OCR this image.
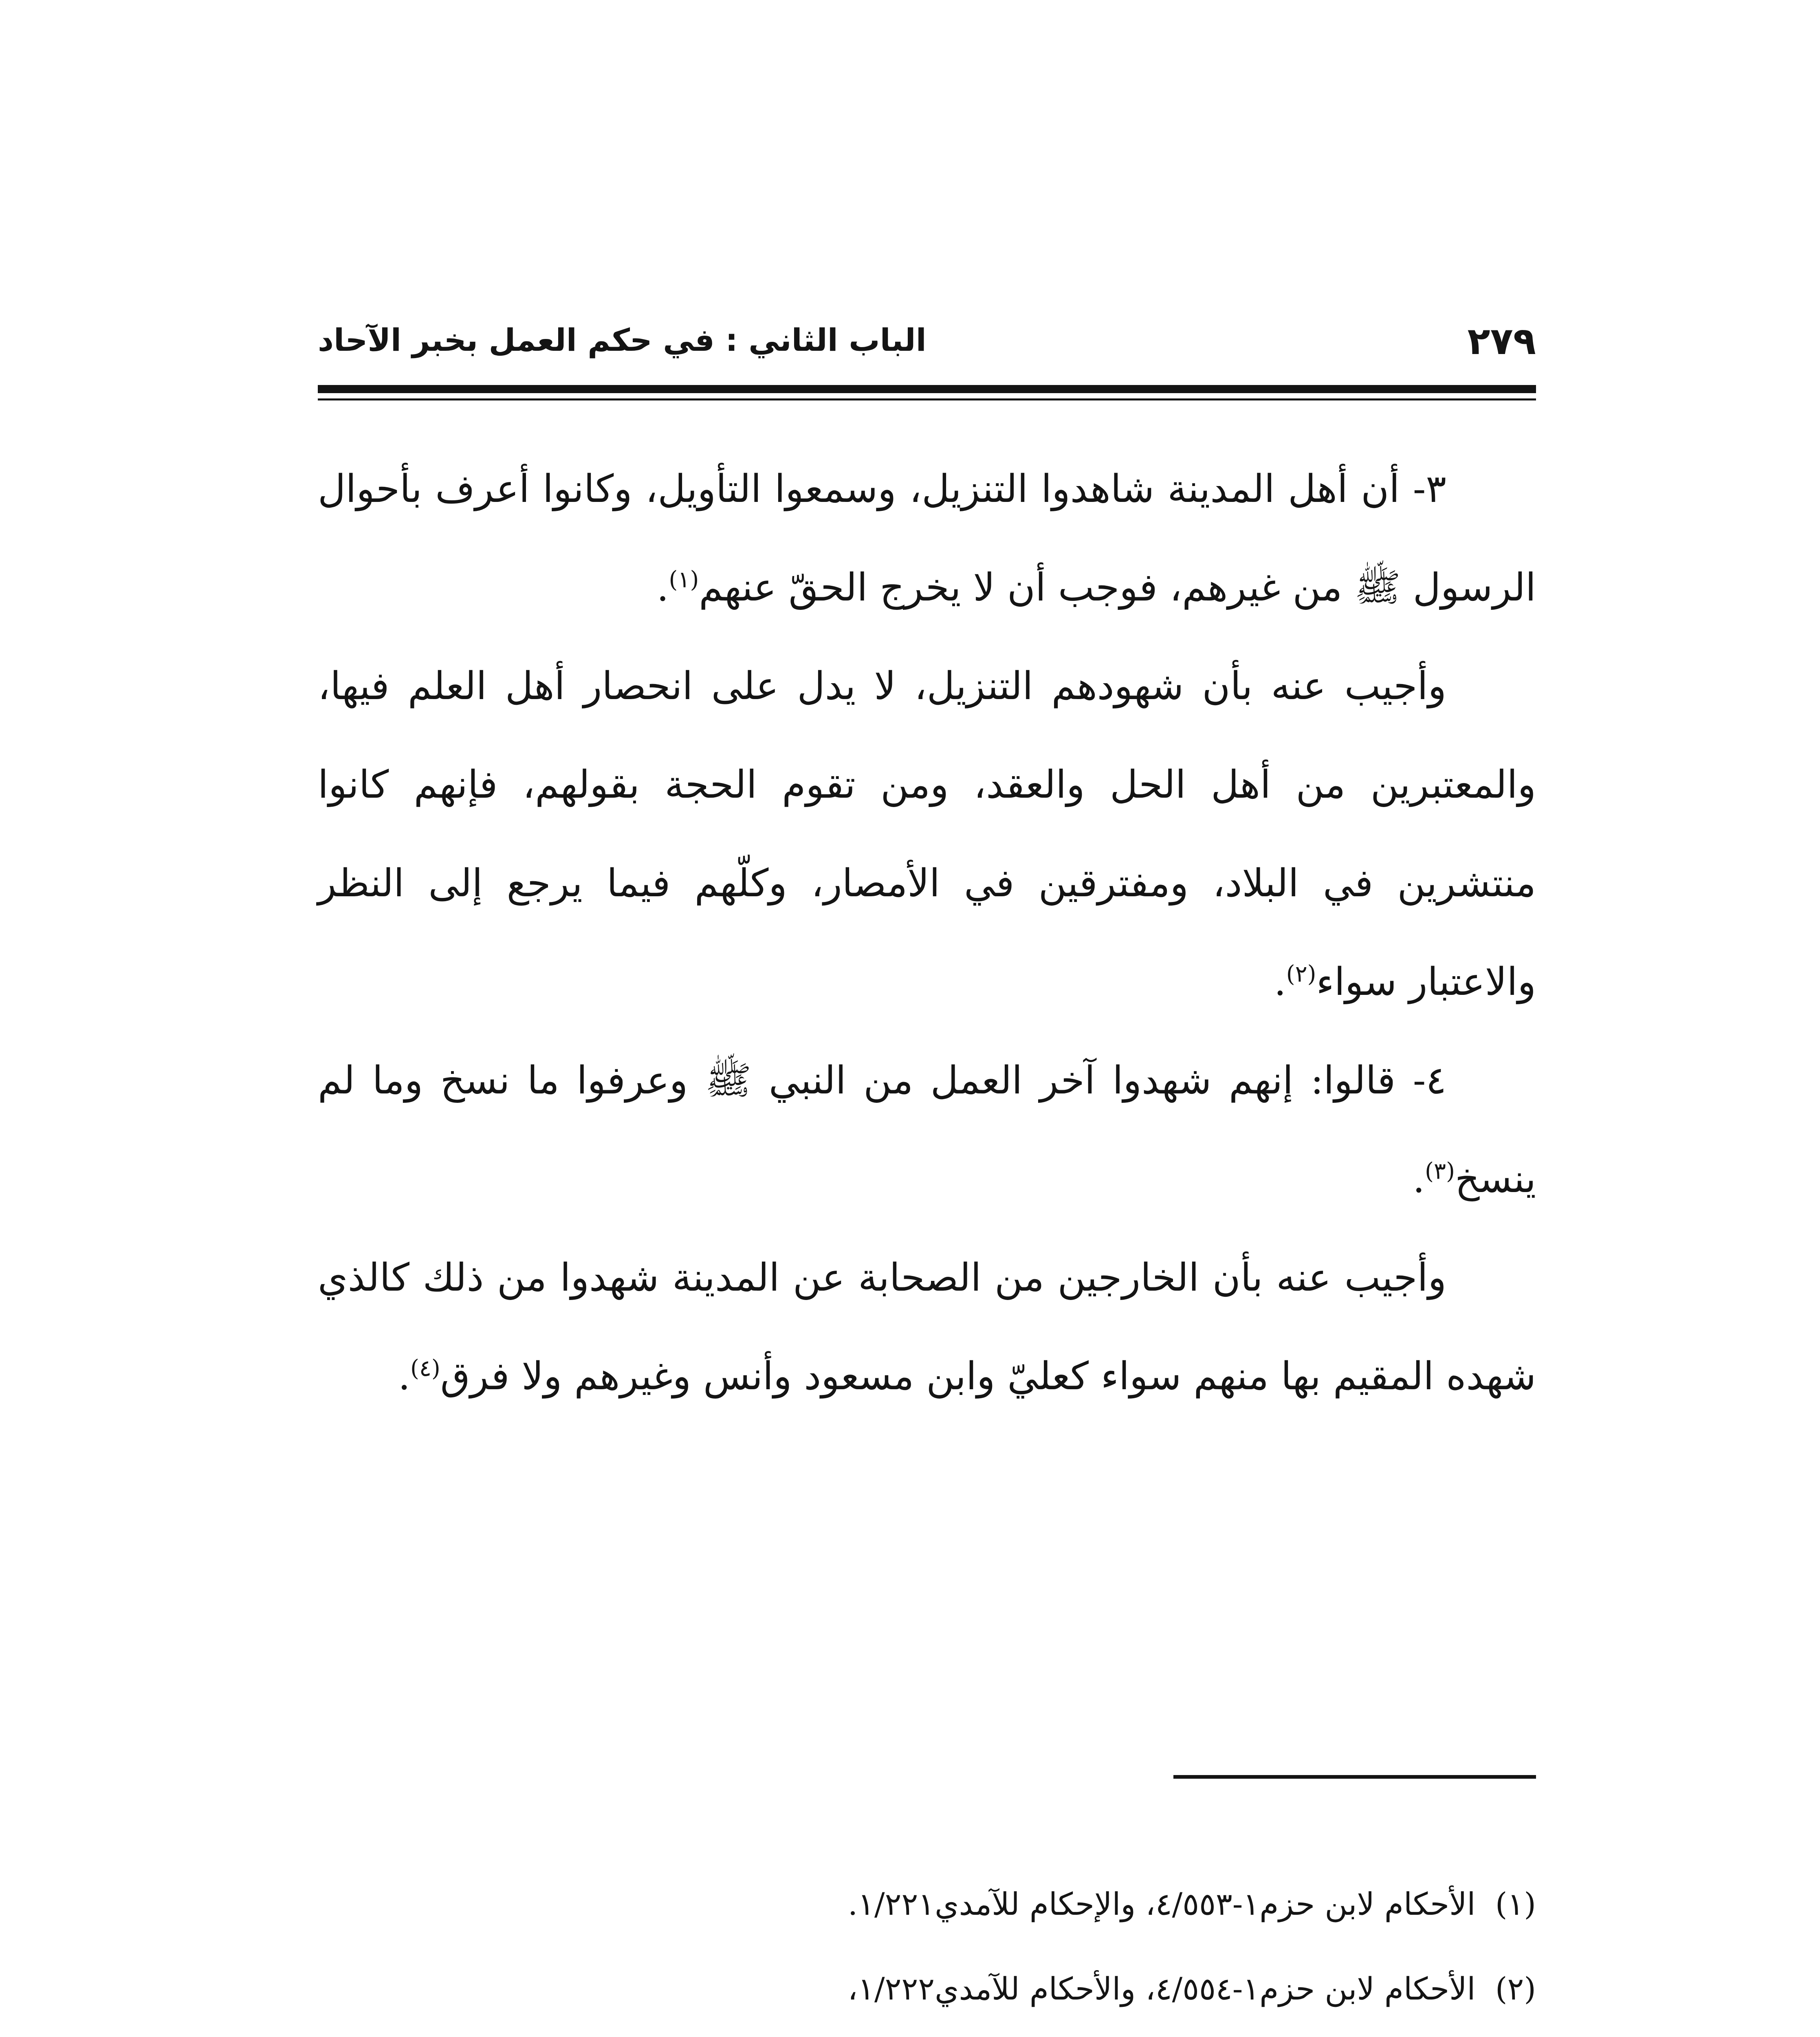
الباب الثاني : في حكم العمل بخبر الآحاد	٢٧٩

٣- أن أهل المدينة شاهدوا التنزيل، وسمعوا التأويل، وكانوا أعرف بأحوال الرسول ﷺ من غيرهم، فوجب أن لا يخرج الحقّ عنهم$^{(١)}$.

وأجيب عنه بأن شهودهم التنزيل، لا يدل على انحصار أهل العلم فيها، والمعتبرين من أهل الحل والعقد، ومن تقوم الحجة بقولهم، فإنهم كانوا منتشرين في البلاد، ومفترقين في الأمصار، وكلّهم فيما يرجع إلى النظر والاعتبار سواء$^{(٢)}$.

٤- قالوا: إنهم شهدوا آخر العمل من النبي ﷺ وعرفوا ما نسخ وما لم ينسخ$^{(٣)}$.

وأجيب عنه بأن الخارجين من الصحابة عن المدينة شهدوا من ذلك كالذي شهده المقيم بها منهم سواء كعليّ وابن مسعود وأنس وغيرهم ولا فرق$^{(٤)}$.

(١)  الأحكام لابن حزم١-٤/٥٥٣، والإحكام للآمدي١/٢٢١.

(٢)  الأحكام لابن حزم١-٤/٥٥٤، والأحكام للآمدي١/٢٢٢،
